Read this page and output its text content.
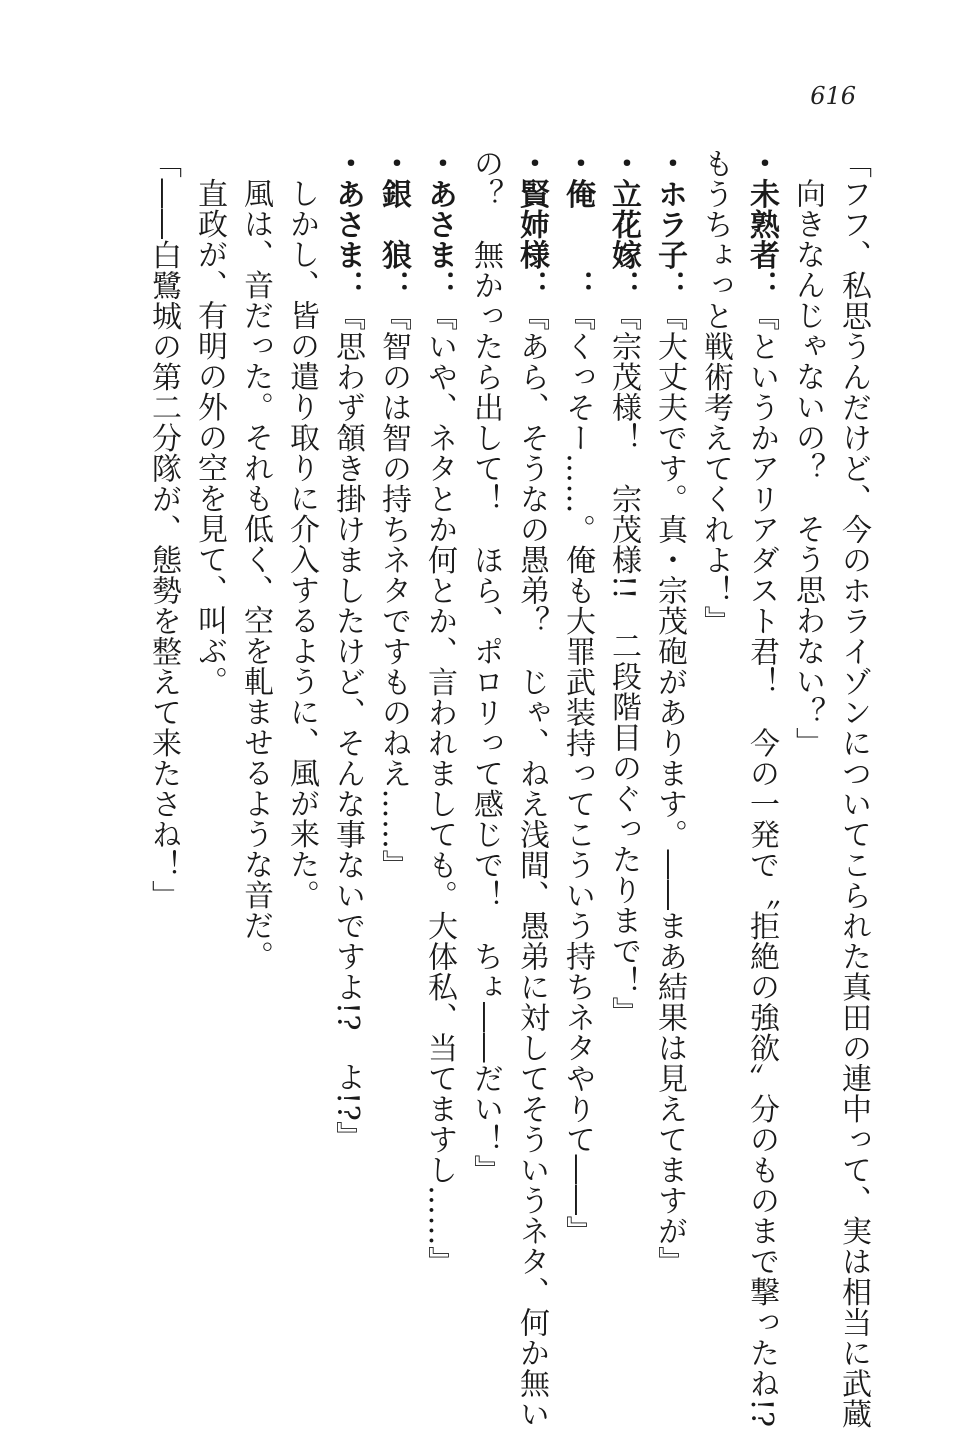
616
「フフ、私思うんだけど、今のホライゾンについてこられた真田の連中って、実は相当に武蔵
向きなんじゃないの？　そう思わない？」
・未熟者：『というかアリアダスト君！　今の一発で〝拒絶の強欲〟分のものまで撃ったね!?
もうちょっと戦術考えてくれよ！』
・ホラ子：『大丈夫です。真・宗茂砲があります。――まあ結果は見えてますが』
・立花嫁：『宗茂様！　宗茂様!!　二段階目のぐったりまで！』
・俺　　：『くっそー……。俺も大罪武装持ってこういう持ちネタやりて――』
・賢姉様：『あら、そうなの愚弟？　じゃ、ねえ浅間、愚弟に対してそういうネタ、何か無い
の？　無かったら出して！　ほら、ポロリって感じで！　ちょ――だい！』
・あさま：『いや、ネタとか何とか、言われましても。大体私、当てますし……』
・銀　狼：『智のは智の持ちネタですものねえ……』
・あさま：『思わず頷き掛けましたけど、そんな事ないですよ!?　よ!?』
しかし、皆の遣り取りに介入するように、風が来た。
風は、音だった。それも低く、空を軋ませるような音だ。
直政が、有明の外の空を見て、叫ぶ。
「――白鷺城の第二分隊が、態勢を整えて来たさね！」
